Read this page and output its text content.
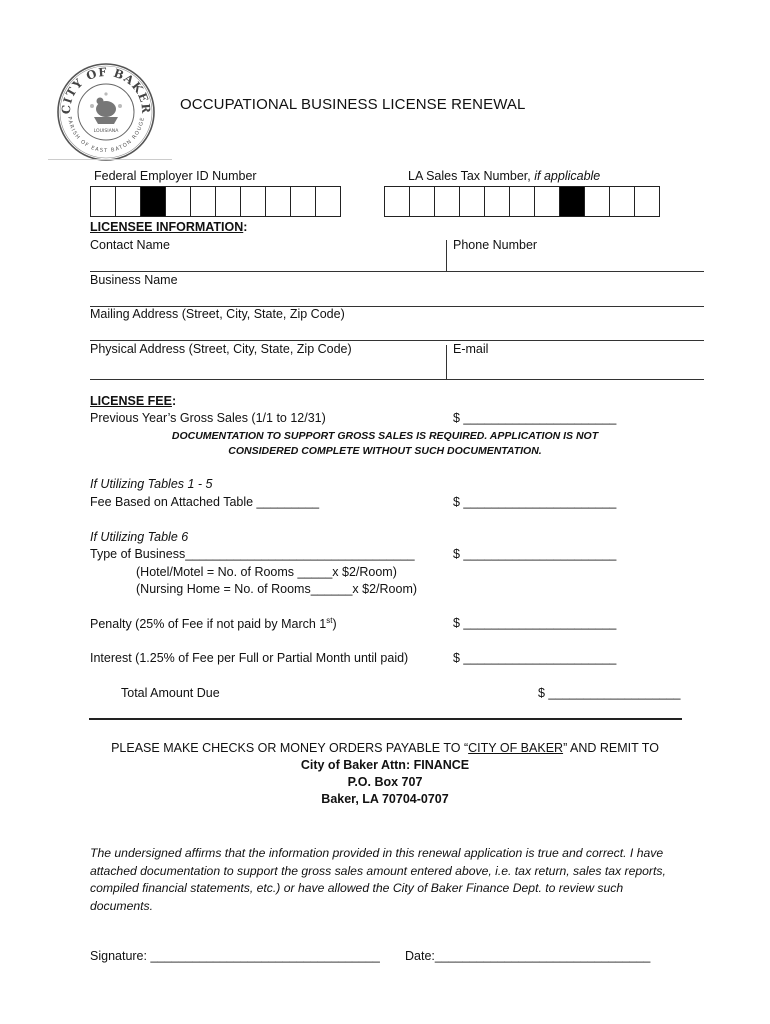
CITY OF BAKER
PARISH OF EAST BATON ROUGE
LOUISIANA
OCCUPATIONAL BUSINESS LICENSE RENEWAL
Federal Employer ID Number	LA Sales Tax Number, if applicable
LICENSEE INFORMATION:
Contact Name	Phone Number
Business Name
Mailing Address (Street, City, State, Zip Code)
Physical Address (Street, City, State, Zip Code)	E-mail
LICENSE FEE:
Previous Year’s Gross Sales (1/1 to 12/31)	$ ______________________
DOCUMENTATION TO SUPPORT GROSS SALES IS REQUIRED. APPLICATION IS NOT
CONSIDERED COMPLETE WITHOUT SUCH DOCUMENTATION.
If Utilizing Tables 1 - 5
Fee Based on Attached Table _________	$ ______________________
If Utilizing Table 6
Type of Business_________________________________	$ ______________________
(Hotel/Motel = No. of Rooms _____x $2/Room)
(Nursing Home = No. of Rooms______x $2/Room)
Penalty (25% of Fee if not paid by March 1st)	$ ______________________
Interest (1.25% of Fee per Full or Partial Month until paid)	$ ______________________
Total Amount Due	$ ___________________
PLEASE MAKE CHECKS OR MONEY ORDERS PAYABLE TO “CITY OF BAKER” AND REMIT TO
City of Baker Attn: FINANCE
P.O. Box 707
Baker, LA 70704-0707
The undersigned affirms that the information provided in this renewal application is true and correct. I have attached documentation to support the gross sales amount entered above, i.e. tax return, sales tax reports, compiled financial statements, etc.) or have allowed the City of Baker Finance Dept. to review such documents.
Signature: _________________________________ Date:_______________________________
